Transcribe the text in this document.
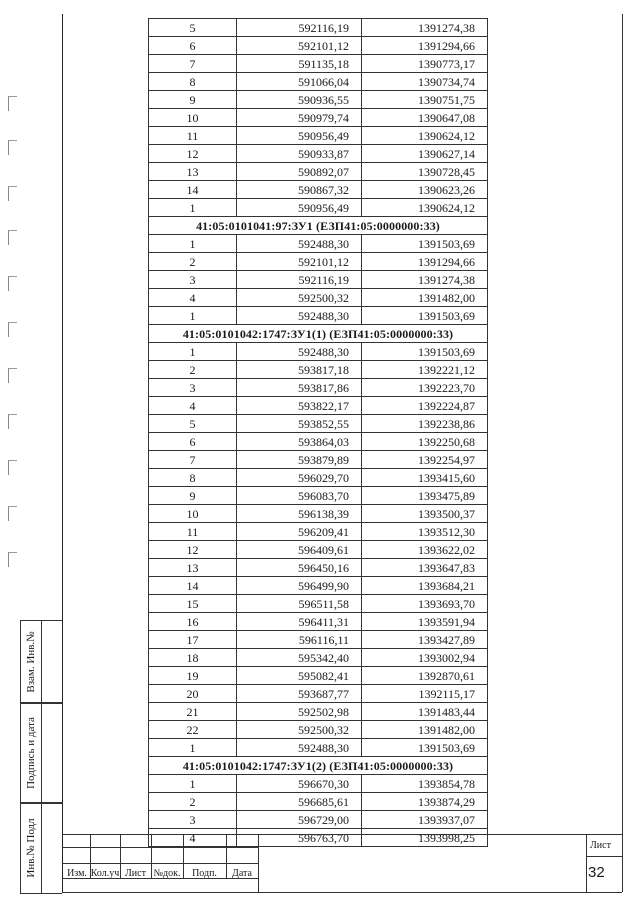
5	592116,19	1391274,38
6	592101,12	1391294,66
7	591135,18	1390773,17
8	591066,04	1390734,74
9	590936,55	1390751,75
10	590979,74	1390647,08
11	590956,49	1390624,12
12	590933,87	1390627,14
13	590892,07	1390728,45
14	590867,32	1390623,26
1	590956,49	1390624,12
41:05:0101041:97:ЗУ1 (ЕЗП41:05:0000000:33)		
1	592488,30	1391503,69
2	592101,12	1391294,66
3	592116,19	1391274,38
4	592500,32	1391482,00
1	592488,30	1391503,69
41:05:0101042:1747:ЗУ1(1) (ЕЗП41:05:0000000:33)		
1	592488,30	1391503,69
2	593817,18	1392221,12
3	593817,86	1392223,70
4	593822,17	1392224,87
5	593852,55	1392238,86
6	593864,03	1392250,68
7	593879,89	1392254,97
8	596029,70	1393415,60
9	596083,70	1393475,89
10	596138,39	1393500,37
11	596209,41	1393512,30
12	596409,61	1393622,02
13	596450,16	1393647,83
14	596499,90	1393684,21
15	596511,58	1393693,70
16	596411,31	1393591,94
17	596116,11	1393427,89
18	595342,40	1393002,94
19	595082,41	1392870,61
20	593687,77	1392115,17
21	592502,98	1391483,44
22	592500,32	1391482,00
1	592488,30	1391503,69
41:05:0101042:1747:ЗУ1(2) (ЕЗП41:05:0000000:33)		
1	596670,30	1393854,78
2	596685,61	1393874,29
3	596729,00	1393937,07
4	596763,70	1393998,25
Взам. Инв.№
Подпись и дата
Инв.№ Подл	Изм. Кол.уч Лист №док.	Подп.	Дата
Лист
32
